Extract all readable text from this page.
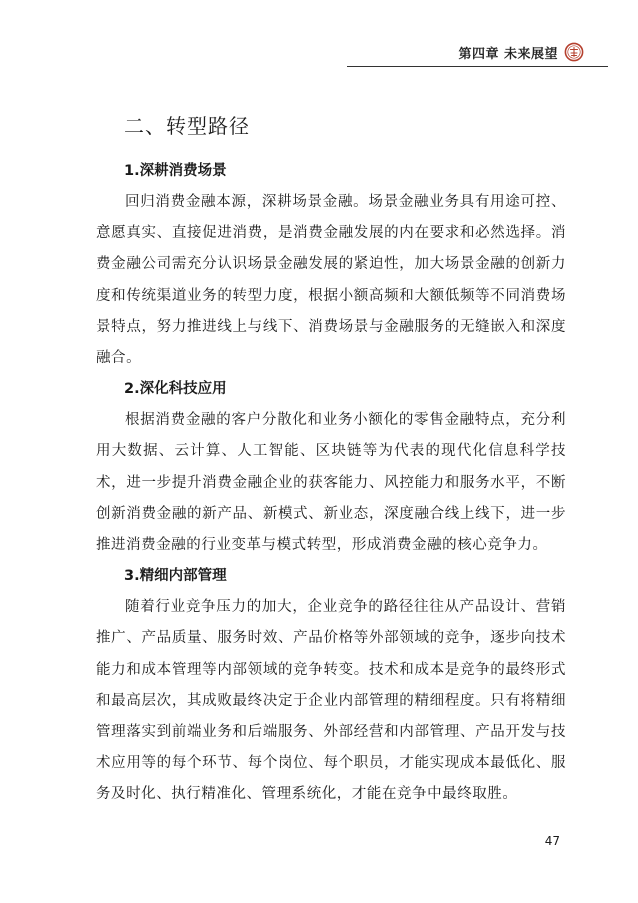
第四章 未来展望
二、转型路径
1.深耕消费场景

回归消费金融本源，深耕场景金融。场景金融业务具有用途可控、意愿真实、直接促进消费，是消费金融发展的内在要求和必然选择。消费金融公司需充分认识场景金融发展的紧迫性，加大场景金融的创新力度和传统渠道业务的转型力度，根据小额高频和大额低频等不同消费场景特点，努力推进线上与线下、消费场景与金融服务的无缝嵌入和深度融合。

2.深化科技应用

根据消费金融的客户分散化和业务小额化的零售金融特点，充分利用大数据、云计算、人工智能、区块链等为代表的现代化信息科学技术，进一步提升消费金融企业的获客能力、风控能力和服务水平，不断创新消费金融的新产品、新模式、新业态，深度融合线上线下，进一步推进消费金融的行业变革与模式转型，形成消费金融的核心竞争力。

3.精细内部管理

随着行业竞争压力的加大，企业竞争的路径往往从产品设计、营销推广、产品质量、服务时效、产品价格等外部领域的竞争，逐步向技术能力和成本管理等内部领域的竞争转变。技术和成本是竞争的最终形式和最高层次，其成败最终决定于企业内部管理的精细程度。只有将精细管理落实到前端业务和后端服务、外部经营和内部管理、产品开发与技术应用等的每个环节、每个岗位、每个职员，才能实现成本最低化、服务及时化、执行精准化、管理系统化，才能在竞争中最终取胜。

47
